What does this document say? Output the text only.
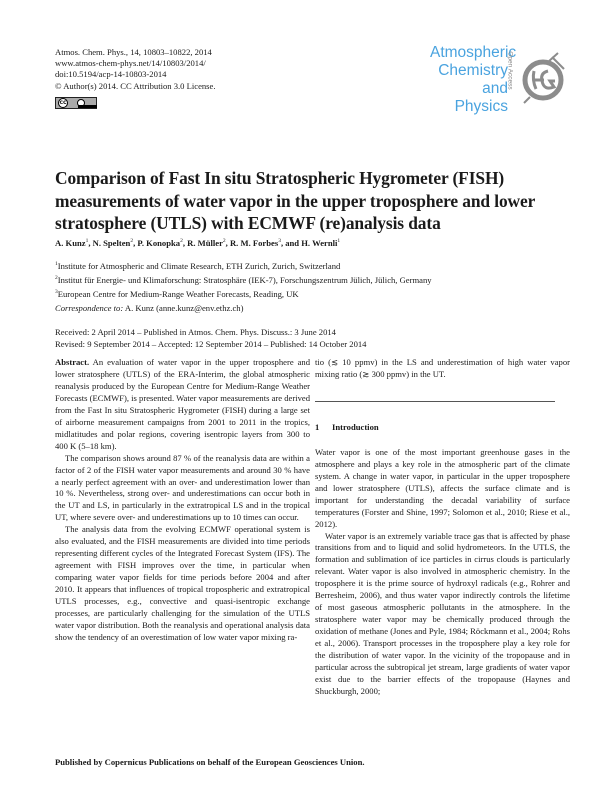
Atmos. Chem. Phys., 14, 10803–10822, 2014
www.atmos-chem-phys.net/14/10803/2014/
doi:10.5194/acp-14-10803-2014
© Author(s) 2014. CC Attribution 3.0 License.
cc
Atmospheric
Chemistry
and Physics
Open Access
Comparison of Fast In situ Stratospheric Hygrometer (FISH) measurements of water vapor in the upper troposphere and lower stratosphere (UTLS) with ECMWF (re)analysis data
A. Kunz$^1$, N. Spelten$^2$, P. Konopka$^2$, R. Müller$^2$, R. M. Forbes$^3$, and H. Wernli$^1$
$^1$Institute for Atmospheric and Climate Research, ETH Zurich, Zurich, Switzerland
$^2$Institut für Energie- und Klimaforschung: Stratosphäre (IEK-7), Forschungszentrum Jülich, Jülich, Germany
$^3$European Centre for Medium-Range Weather Forecasts, Reading, UK
Correspondence to: A. Kunz (anne.kunz@env.ethz.ch)
Received: 2 April 2014 – Published in Atmos. Chem. Phys. Discuss.: 3 June 2014
Revised: 9 September 2014 – Accepted: 12 September 2014 – Published: 14 October 2014

Abstract. An evaluation of water vapor in the upper troposphere and lower stratosphere (UTLS) of the ERA-Interim, the global atmospheric reanalysis produced by the European Centre for Medium-Range Weather Forecasts (ECMWF), is presented. Water vapor measurements are derived from the Fast In situ Stratospheric Hygrometer (FISH) during a large set of airborne measurement campaigns from 2001 to 2011 in the tropics, midlatitudes and polar regions, covering isentropic layers from 300 to 400 K (5–18 km).

The comparison shows around 87 % of the reanalysis data are within a factor of 2 of the FISH water vapor measurements and around 30 % have a nearly perfect agreement with an over- and underestimation lower than 10 %. Nevertheless, strong over- and underestimations can occur both in the UT and LS, in particularly in the extratropical LS and in the tropical UT, where severe over- and underestimations up to 10 times can occur.

The analysis data from the evolving ECMWF operational system is also evaluated, and the FISH measurements are divided into time periods representing different cycles of the Integrated Forecast System (IFS). The agreement with FISH improves over the time, in particular when comparing water vapor fields for time periods before 2004 and after 2010. It appears that influences of tropical tropospheric and extratropical UTLS processes, e.g., convective and quasi-isentropic exchange processes, are particularly challenging for the simulation of the UTLS water vapor distribution. Both the reanalysis and operational analysis data show the tendency of an overestimation of low water vapor mixing ra-

tio (≲ 10 ppmv) in the LS and underestimation of high water vapor mixing ratio (≳ 300 ppmv) in the UT.

1 Introduction

Water vapor is one of the most important greenhouse gases in the atmosphere and plays a key role in the atmospheric part of the climate system. A change in water vapor, in particular in the upper troposphere and lower stratosphere (UTLS), affects the surface climate and is important for understanding the decadal variability of surface temperatures (Forster and Shine, 1997; Solomon et al., 2010; Riese et al., 2012).

Water vapor is an extremely variable trace gas that is affected by phase transitions from and to liquid and solid hydrometeors. In the UTLS, the formation and sublimation of ice particles in cirrus clouds is particularly relevant. Water vapor is also involved in atmospheric chemistry. In the troposphere it is the prime source of hydroxyl radicals (e.g., Rohrer and Berresheim, 2006), and thus water vapor indirectly controls the lifetime of most gaseous atmospheric pollutants in the atmosphere. In the stratosphere water vapor may be chemically produced through the oxidation of methane (Jones and Pyle, 1984; Röckmann et al., 2004; Rohs et al., 2006). Transport processes in the troposphere play a key role for the distribution of water vapor. In the vicinity of the tropopause and in particular across the subtropical jet stream, large gradients of water vapor exist due to the barrier effects of the tropopause (Haynes and Shuckburgh, 2000;

Published by Copernicus Publications on behalf of the European Geosciences Union.
